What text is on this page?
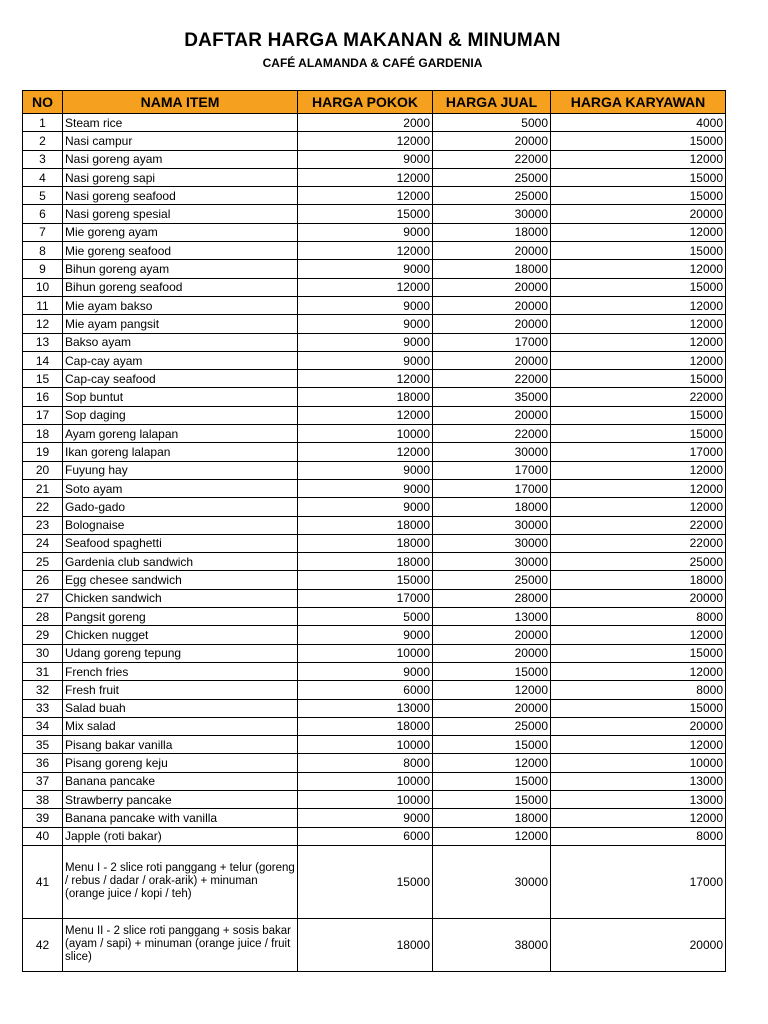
DAFTAR HARGA MAKANAN & MINUMAN
CAFÉ ALAMANDA & CAFÉ GARDENIA
NO	NAMA ITEM	HARGA POKOK	HARGA JUAL	HARGA KARYAWAN
1	Steam rice	2000	5000	4000
2	Nasi campur	12000	20000	15000
3	Nasi goreng ayam	9000	22000	12000
4	Nasi goreng sapi	12000	25000	15000
5	Nasi goreng seafood	12000	25000	15000
6	Nasi goreng spesial	15000	30000	20000
7	Mie goreng ayam	9000	18000	12000
8	Mie goreng seafood	12000	20000	15000
9	Bihun goreng ayam	9000	18000	12000
10	Bihun goreng seafood	12000	20000	15000
11	Mie ayam bakso	9000	20000	12000
12	Mie ayam pangsit	9000	20000	12000
13	Bakso ayam	9000	17000	12000
14	Cap-cay ayam	9000	20000	12000
15	Cap-cay seafood	12000	22000	15000
16	Sop buntut	18000	35000	22000
17	Sop daging	12000	20000	15000
18	Ayam goreng lalapan	10000	22000	15000
19	Ikan goreng lalapan	12000	30000	17000
20	Fuyung hay	9000	17000	12000
21	Soto ayam	9000	17000	12000
22	Gado-gado	9000	18000	12000
23	Bolognaise	18000	30000	22000
24	Seafood spaghetti	18000	30000	22000
25	Gardenia club sandwich	18000	30000	25000
26	Egg chesee sandwich	15000	25000	18000
27	Chicken sandwich	17000	28000	20000
28	Pangsit goreng	5000	13000	8000
29	Chicken nugget	9000	20000	12000
30	Udang goreng tepung	10000	20000	15000
31	French fries	9000	15000	12000
32	Fresh fruit	6000	12000	8000
33	Salad buah	13000	20000	15000
34	Mix salad	18000	25000	20000
35	Pisang bakar vanilla	10000	15000	12000
36	Pisang goreng keju	8000	12000	10000
37	Banana pancake	10000	15000	13000
38	Strawberry pancake	10000	15000	13000
39	Banana pancake with vanilla	9000	18000	12000
40	Japple (roti bakar)	6000	12000	8000
41	Menu I - 2 slice roti panggang + telur (goreng / rebus / dadar / orak-arik) + minuman (orange juice / kopi / teh)	15000	30000	17000
42	Menu II - 2 slice roti panggang + sosis bakar (ayam / sapi) + minuman (orange juice / fruit slice)	18000	38000	20000
